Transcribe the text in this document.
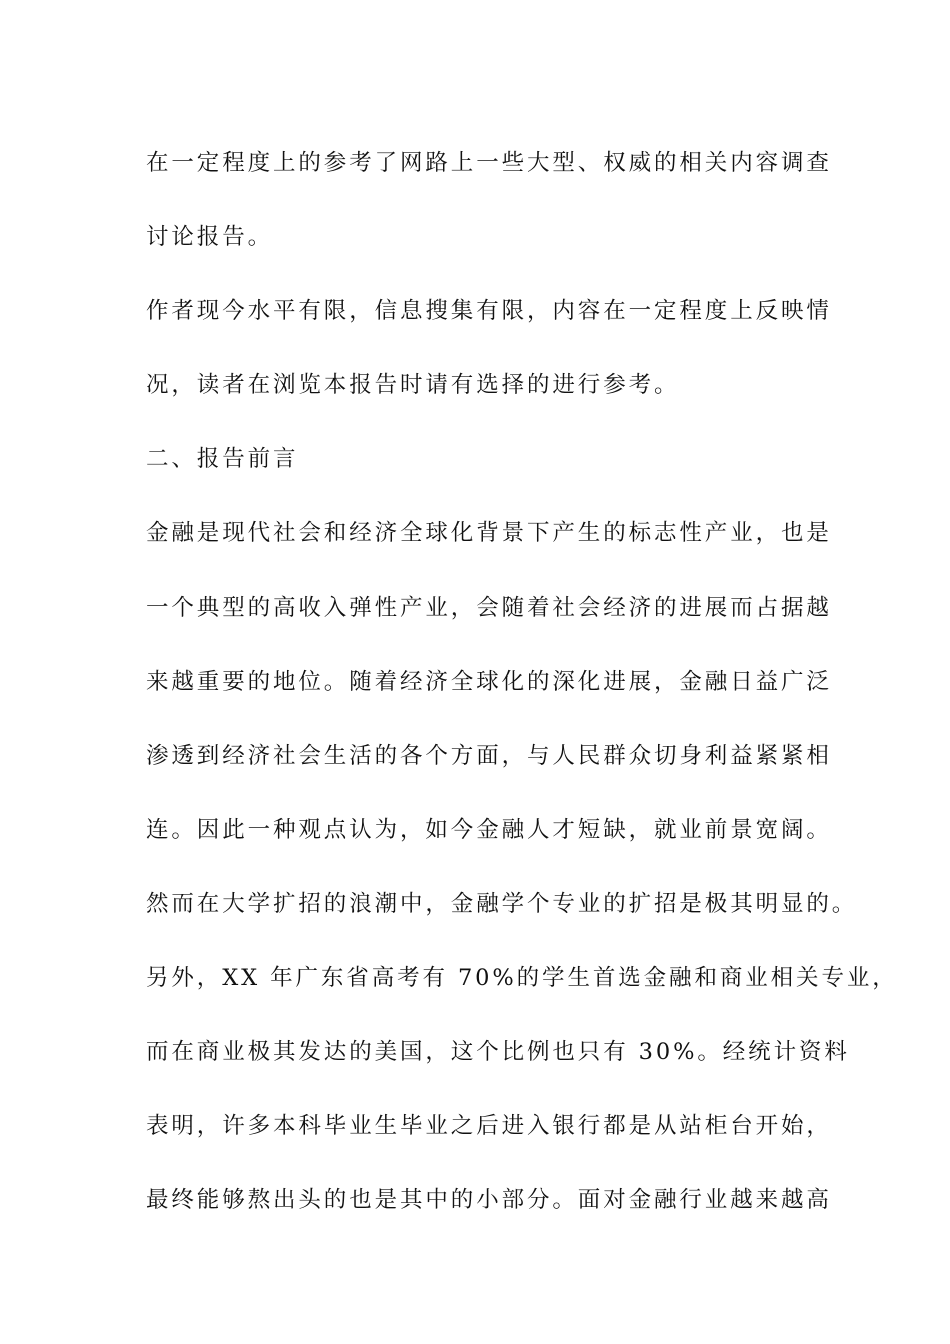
在一定程度上的参考了网路上一些大型、权威的相关内容调查

讨论报告。

作者现今水平有限，信息搜集有限，内容在一定程度上反映情

况，读者在浏览本报告时请有选择的进行参考。

二、报告前言

金融是现代社会和经济全球化背景下产生的标志性产业，也是

一个典型的高收入弹性产业，会随着社会经济的进展而占据越

来越重要的地位。随着经济全球化的深化进展，金融日益广泛

渗透到经济社会生活的各个方面，与人民群众切身利益紧紧相

连。因此一种观点认为，如今金融人才短缺，就业前景宽阔。

然而在大学扩招的浪潮中，金融学个专业的扩招是极其明显的。

另外，XX 年广东省高考有 70%的学生首选金融和商业相关专业，

而在商业极其发达的美国，这个比例也只有 30%。经统计资料

表明，许多本科毕业生毕业之后进入银行都是从站柜台开始，

最终能够熬出头的也是其中的小部分。面对金融行业越来越高
